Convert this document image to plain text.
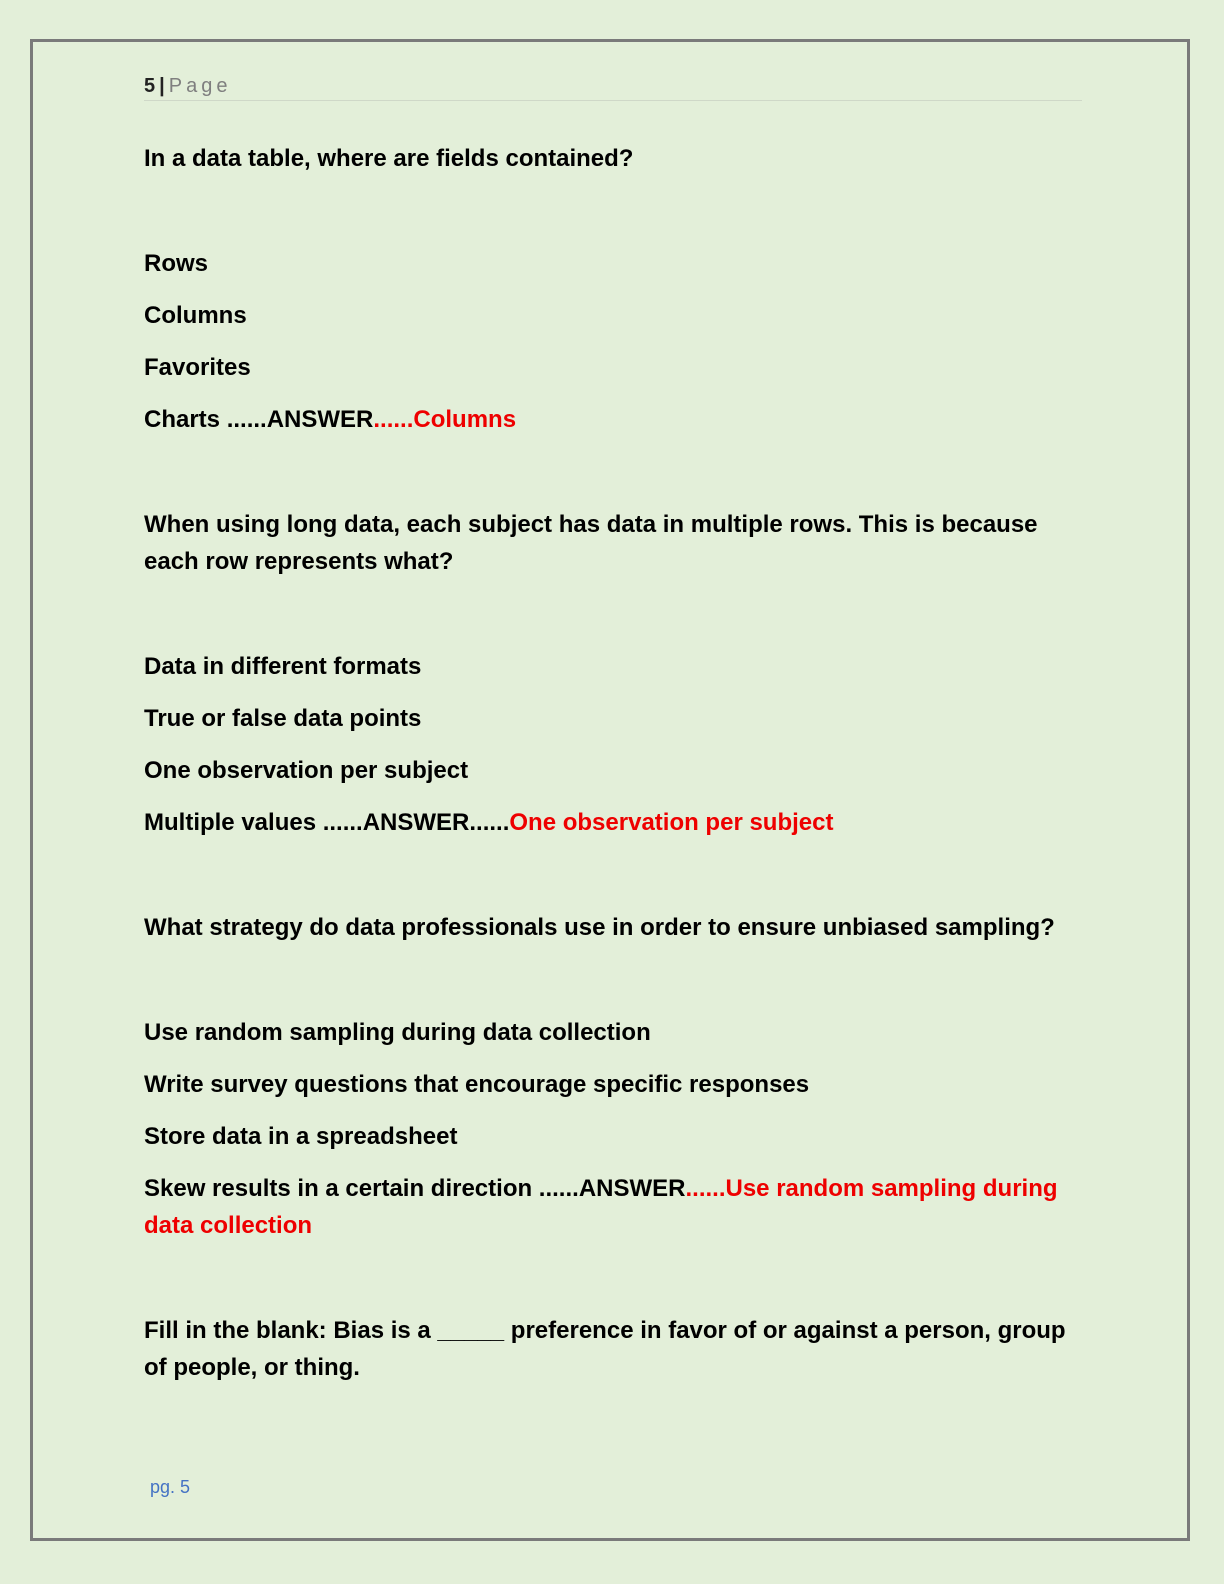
5 | Page

In a data table, where are fields contained?

Rows

Columns

Favorites

Charts ......ANSWER......Columns

When using long data, each subject has data in multiple rows. This is because each row represents what?

Data in different formats

True or false data points

One observation per subject

Multiple values ......ANSWER......One observation per subject

What strategy do data professionals use in order to ensure unbiased sampling?

Use random sampling during data collection

Write survey questions that encourage specific responses

Store data in a spreadsheet

Skew results in a certain direction ......ANSWER......Use random sampling during data collection

Fill in the blank: Bias is a _____ preference in favor of or against a person, group of people, or thing.

pg. 5
